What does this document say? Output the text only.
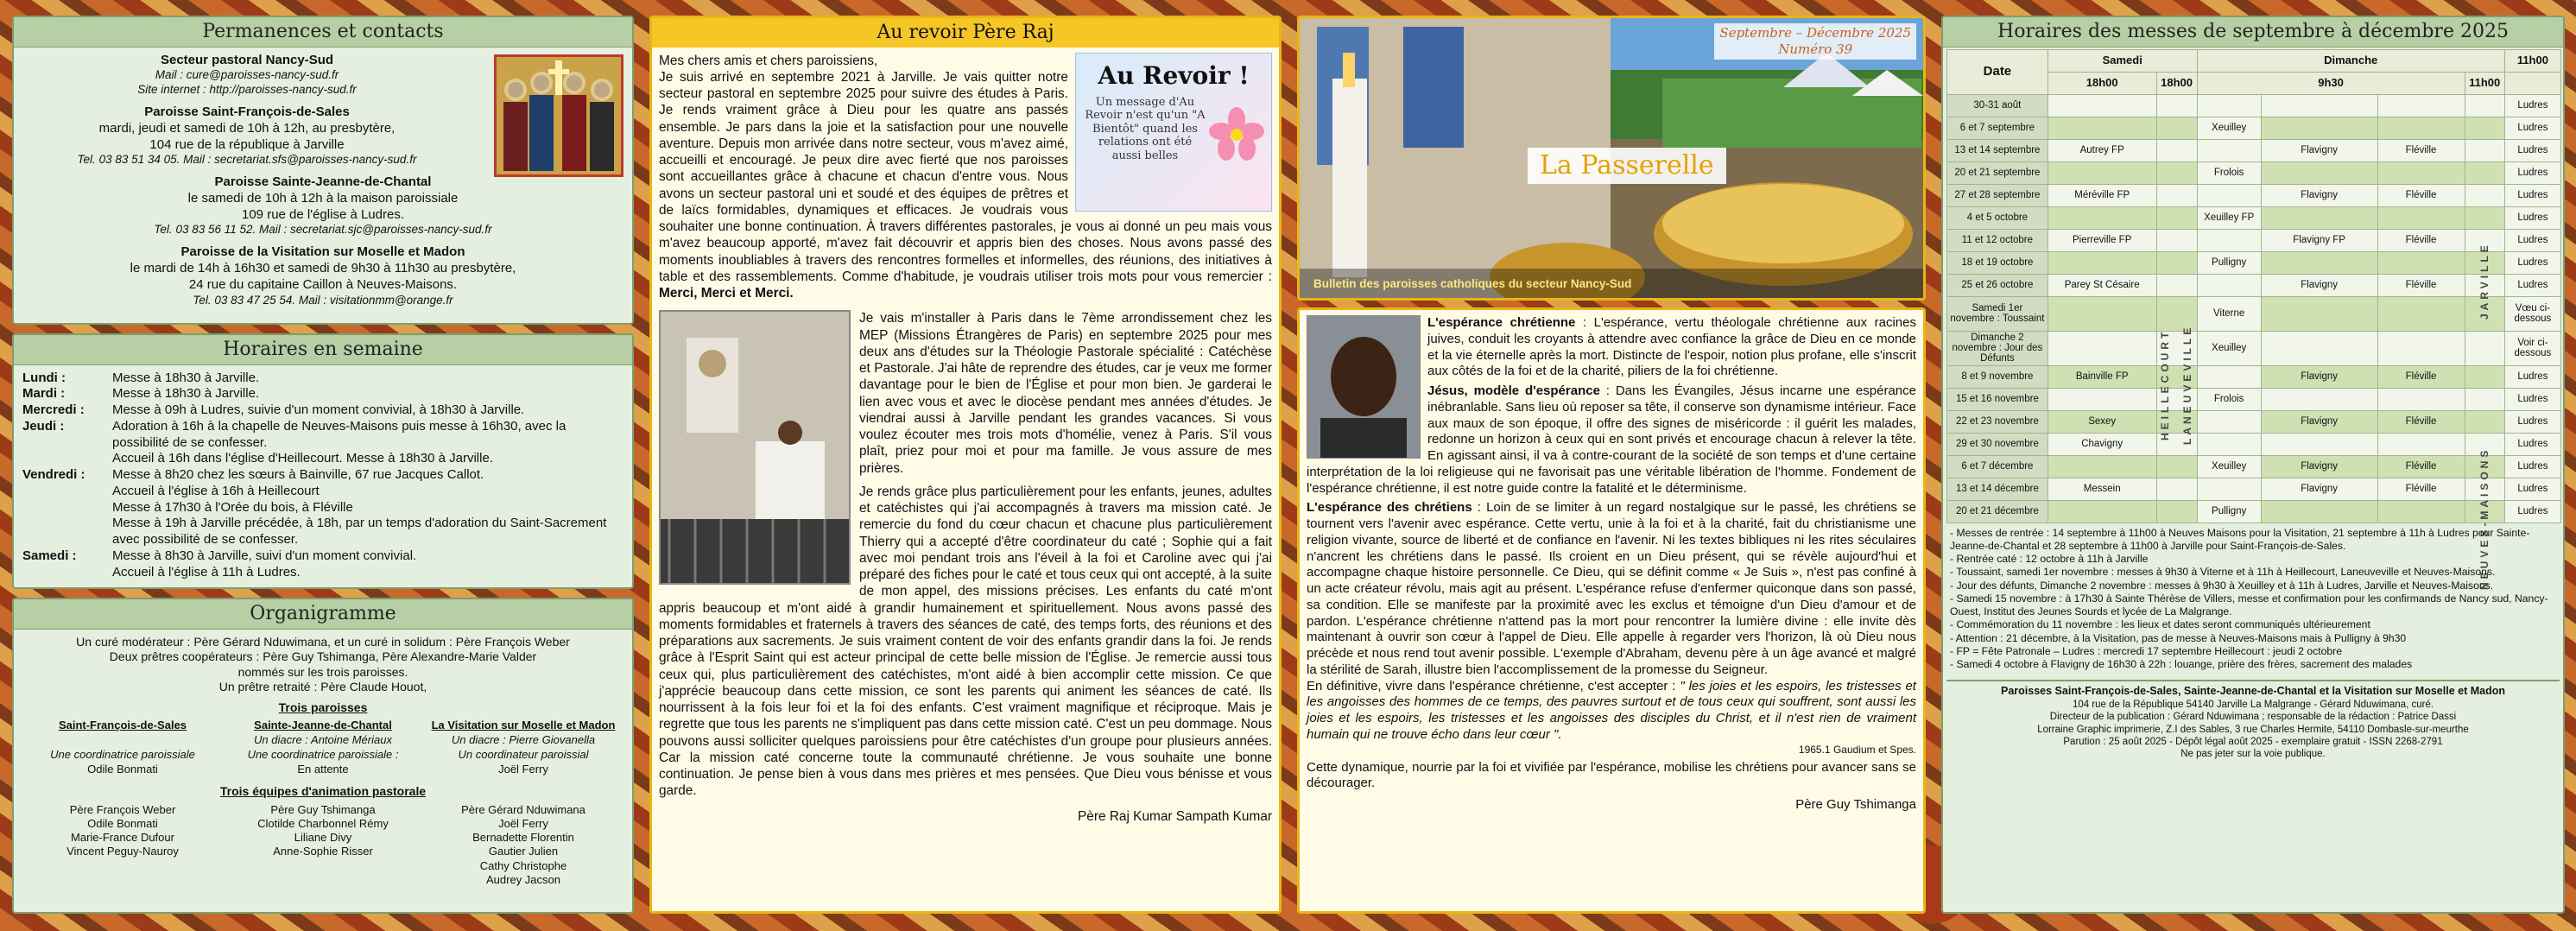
Permanences et contacts
Secteur pastoral Nancy-Sud
Mail : cure@paroisses-nancy-sud.fr
Site internet : http://paroisses-nancy-sud.fr
Paroisse Saint-François-de-Sales
mardi, jeudi et samedi de 10h à 12h, au presbytère,
104 rue de la république à Jarville
Tel. 03 83 51 34 05. Mail : secretariat.sfs@paroisses-nancy-sud.fr
Paroisse Sainte-Jeanne-de-Chantal
le samedi de 10h à 12h à la maison paroissiale
109 rue de l'église à Ludres.
Tel. 03 83 56 11 52. Mail : secretariat.sjc@paroisses-nancy-sud.fr
Paroisse de la Visitation sur Moselle et Madon
le mardi de 14h à 16h30 et samedi de 9h30 à 11h30 au presbytère,
24 rue du capitaine Caillon à Neuves-Maisons.
Tel. 03 83 47 25 54. Mail : visitationmm@orange.fr
Horaires en semaine
Lundi :	Messe à 18h30 à Jarville.
Mardi :	Messe à 18h30 à Jarville.
Mercredi :	Messe à 09h à Ludres, suivie d'un moment convivial, à 18h30 à Jarville.
Jeudi :	Adoration à 16h à la chapelle de Neuves-Maisons puis messe à 16h30, avec la possibilité de se confesser.
Accueil à 16h dans l'église d'Heillecourt. Messe à 18h30 à Jarville.
Vendredi :	Messe à 8h20 chez les sœurs à Bainville, 67 rue Jacques Callot.
Accueil à l'église à 16h à Heillecourt
Messe à 17h30 à l'Orée du bois, à Fléville
Messe à 19h à Jarville précédée, à 18h, par un temps d'adoration du Saint-Sacrement avec possibilité de se confesser.
Samedi :	Messe à 8h30 à Jarville, suivi d'un moment convivial.
Accueil à l'église à 11h à Ludres.
Organigramme
Un curé modérateur : Père Gérard Nduwimana, et un curé in solidum : Père François Weber
Deux prêtres coopérateurs : Père Guy Tshimanga, Père Alexandre-Marie Valder
nommés sur les trois paroisses.
Un prêtre retraité : Père Claude Houot,
Trois paroisses
Saint-François-de-Sales
Une coordinatrice paroissiale
Odile Bonmati
Sainte-Jeanne-de-Chantal
Un diacre : Antoine Mériaux
Une coordinatrice paroissiale :
En attente
La Visitation sur Moselle et Madon
Un diacre : Pierre Giovanella
Un coordinateur paroissial
Joël Ferry
Trois équipes d'animation pastorale
Père François Weber
Odile Bonmati
Marie-France Dufour
Vincent Peguy-Nauroy
Père Guy Tshimanga
Clotilde Charbonnel Rémy
Liliane Divy
Anne-Sophie Risser
Père Gérard Nduwimana
Joël Ferry
Bernadette Florentin
Gautier Julien
Cathy Christophe
Audrey Jacson
Au revoir Père Raj
Au Revoir !
Un message d'Au Revoir n'est qu'un "A Bientôt" quand les relations ont été aussi belles
Mes chers amis et chers paroissiens,
Je suis arrivé en septembre 2021 à Jarville. Je vais quitter notre secteur pastoral en septembre 2025 pour suivre des études à Paris. Je rends vraiment grâce à Dieu pour les quatre ans passés ensemble. Je pars dans la joie et la satisfaction pour une nouvelle aventure. Depuis mon arrivée dans notre secteur, vous m'avez aimé, accueilli et encouragé. Je peux dire avec fierté que nos paroisses sont accueillantes grâce à chacune et chacun d'entre vous. Nous avons un secteur pastoral uni et soudé et des équipes de prêtres et de laïcs formidables, dynamiques et efficaces. Je voudrais vous souhaiter une bonne continuation. À travers différentes pastorales, je vous ai donné un peu mais vous m'avez beaucoup apporté, m'avez fait découvrir et appris bien des choses. Nous avons passé des moments inoubliables à travers des rencontres formelles et informelles, des réunions, des initiatives à table et des rassemblements. Comme d'habitude, je voudrais utiliser trois mots pour vous remercier : Merci, Merci et Merci.
Je vais m'installer à Paris dans le 7ème arrondissement chez les MEP (Missions Étrangères de Paris) en septembre 2025 pour mes deux ans d'études sur la Théologie Pastorale spécialité : Catéchèse et Pastorale. J'ai hâte de reprendre des études, car je veux me former davantage pour le bien de l'Église et pour mon bien. Je garderai le lien avec vous et avec le diocèse pendant mes années d'études. Je viendrai aussi à Jarville pendant les grandes vacances. Si vous voulez écouter mes trois mots d'homélie, venez à Paris. S'il vous plaît, priez pour moi et pour ma famille. Je vous assure de mes prières.
Je rends grâce plus particulièrement pour les enfants, jeunes, adultes et catéchistes qui j'ai accompagnés à travers ma mission caté. Je remercie du fond du cœur chacun et chacune plus particulièrement Thierry qui a accepté d'être coordinateur du caté ; Sophie qui a fait avec moi pendant trois ans l'éveil à la foi et Caroline avec qui j'ai préparé des fiches pour le caté et tous ceux qui ont accepté, à la suite de mon appel, des missions précises. Les enfants du caté m'ont appris beaucoup et m'ont aidé à grandir humainement et spirituellement. Nous avons passé des moments formidables et fraternels à travers des séances de caté, des temps forts, des réunions et des préparations aux sacrements. Je suis vraiment content de voir des enfants grandir dans la foi. Je rends grâce à l'Esprit Saint qui est acteur principal de cette belle mission de l'Église. Je remercie aussi tous ceux qui, plus particulièrement des catéchistes, m'ont aidé à bien accomplir cette mission. Ce que j'apprécie beaucoup dans cette mission, ce sont les parents qui animent les séances de caté. Ils nourrissent à la fois leur foi et la foi des enfants. C'est vraiment magnifique et réciproque. Mais je regrette que tous les parents ne s'impliquent pas dans cette mission caté. C'est un peu dommage. Nous pouvons aussi solliciter quelques paroissiens pour être catéchistes d'un groupe pour plusieurs années. Car la mission caté concerne toute la communauté chrétienne. Je vous souhaite une bonne continuation. Je pense bien à vous dans mes prières et mes pensées. Que Dieu vous bénisse et vous garde.
Père Raj Kumar Sampath Kumar
Septembre – Décembre 2025
Numéro 39
La Passerelle
Bulletin des paroisses catholiques du secteur Nancy-Sud
L'espérance chrétienne : L'espérance, vertu théologale chrétienne aux racines juives, conduit les croyants à attendre avec confiance la grâce de Dieu en ce monde et la vie éternelle après la mort. Distincte de l'espoir, notion plus profane, elle s'inscrit aux côtés de la foi et de la charité, piliers de la foi chrétienne.
Jésus, modèle d'espérance : Dans les Évangiles, Jésus incarne une espérance inébranlable. Sans lieu où reposer sa tête, il conserve son dynamisme intérieur. Face aux maux de son époque, il offre des signes de miséricorde : il guérit les malades, redonne un horizon à ceux qui en sont privés et encourage chacun à relever la tête. En agissant ainsi, il va à contre-courant de la société de son temps et d'une certaine interprétation de la loi religieuse qui ne favorisait pas une véritable libération de l'homme. Fondement de l'espérance chrétienne, il est notre guide contre la fatalité et le déterminisme.
L'espérance des chrétiens : Loin de se limiter à un regard nostalgique sur le passé, les chrétiens se tournent vers l'avenir avec espérance. Cette vertu, unie à la foi et à la charité, fait du christianisme une religion vivante, source de liberté et de confiance en l'avenir. Ni les textes bibliques ni les rites séculaires n'ancrent les chrétiens dans le passé. Ils croient en un Dieu présent, qui se révèle aujourd'hui et accompagne chaque histoire personnelle. Ce Dieu, qui se définit comme « Je Suis », n'est pas confiné à un acte créateur révolu, mais agit au présent. L'espérance refuse d'enfermer quiconque dans son passé, sa condition. Elle se manifeste par la proximité avec les exclus et témoigne d'un Dieu d'amour et de pardon. L'espérance chrétienne n'attend pas la mort pour rencontrer la lumière divine : elle invite dès maintenant à ouvrir son cœur à l'appel de Dieu. Elle appelle à regarder vers l'horizon, là où Dieu nous précède et nous rend tout avenir possible. L'exemple d'Abraham, devenu père à un âge avancé et malgré la stérilité de Sarah, illustre bien l'accomplissement de la promesse du Seigneur.
En définitive, vivre dans l'espérance chrétienne, c'est accepter : " les joies et les espoirs, les tristesses et les angoisses des hommes de ce temps, des pauvres surtout et de tous ceux qui souffrent, sont aussi les joies et les espoirs, les tristesses et les angoisses des disciples du Christ, et il n'est rien de vraiment humain qui ne trouve écho dans leur cœur ".
1965.1 Gaudium et Spes.
Cette dynamique, nourrie par la foi et vivifiée par l'espérance, mobilise les chrétiens pour avancer sans se décourager.
Père Guy Tshimanga
Horaires des messes de septembre à décembre 2025
Date	Samedi		Dimanche				11h00
	18h00	18h00	9h30			11h00	
30-31 août							Ludres
6 et 7 septembre			Xeuilley				Ludres
13 et 14 septembre	Autrey FP			Flavigny	Fléville		Ludres
20 et 21 septembre			Frolois				Ludres
27 et 28 septembre	Méréville FP			Flavigny	Fléville		Ludres
4 et 5 octobre			Xeuilley FP				Ludres
11 et 12 octobre	Pierreville FP			Flavigny FP	Fléville		Ludres
18 et 19 octobre			Pulligny				Ludres
25 et 26 octobre	Parey St Césaire			Flavigny	Fléville		Ludres
Samedi 1er novembre : Toussaint			Viterne				Vœu ci-dessous
Dimanche 2 novembre : Jour des Défunts			Xeuilley				Voir ci-dessous
8 et 9 novembre	Bainville FP			Flavigny	Fléville		Ludres
15 et 16 novembre			Frolois				Ludres
22 et 23 novembre	Sexey			Flavigny	Fléville		Ludres
29 et 30 novembre	Chavigny						Ludres
6 et 7 décembre			Xeuilley	Flavigny	Fléville		Ludres
13 et 14 décembre	Messein			Flavigny	Fléville		Ludres
20 et 21 décembre			Pulligny				Ludres
HEILLECOURT LANEUVEVILLE
JARVILLE
NEUVES-MAISONS
- Messes de rentrée : 14 septembre à 11h00 à Neuves Maisons pour la Visitation, 21 septembre à 11h à Ludres pour Sainte-Jeanne-de-Chantal et 28 septembre à 11h00 à Jarville pour Saint-François-de-Sales.
- Rentrée caté : 12 octobre à 11h à Jarville
- Toussaint, samedi 1er novembre : messes à 9h30 à Viterne et à 11h à Heillecourt, Laneuveville et Neuves-Maisons.
- Jour des défunts, Dimanche 2 novembre : messes à 9h30 à Xeuilley et à 11h à Ludres, Jarville et Neuves-Maisons.
- Samedi 15 novembre : à 17h30 à Sainte Thérèse de Villers, messe et confirmation pour les confirmands de Nancy sud, Nancy-Ouest, Institut des Jeunes Sourds et lycée de La Malgrange.
- Commémoration du 11 novembre : les lieux et dates seront communiqués ultérieurement
- Attention : 21 décembre, à la Visitation, pas de messe à Neuves-Maisons mais à Pulligny à 9h30
- FP = Fête Patronale – Ludres : mercredi 17 septembre Heillecourt : jeudi 2 octobre
- Samedi 4 octobre à Flavigny de 16h30 à 22h : louange, prière des frères, sacrement des malades
Paroisses Saint-François-de-Sales, Sainte-Jeanne-de-Chantal et la Visitation sur Moselle et Madon
104 rue de la République 54140 Jarville La Malgrange - Gérard Nduwimana, curé.
Directeur de la publication : Gérard Nduwimana ; responsable de la rédaction : Patrice Dassi
Lorraine Graphic imprimerie, Z.I des Sables, 3 rue Charles Hermite, 54110 Dombasle-sur-meurthe
Parution : 25 août 2025 - Dépôt légal août 2025 - exemplaire gratuit - ISSN 2268-2791
Ne pas jeter sur la voie publique.
